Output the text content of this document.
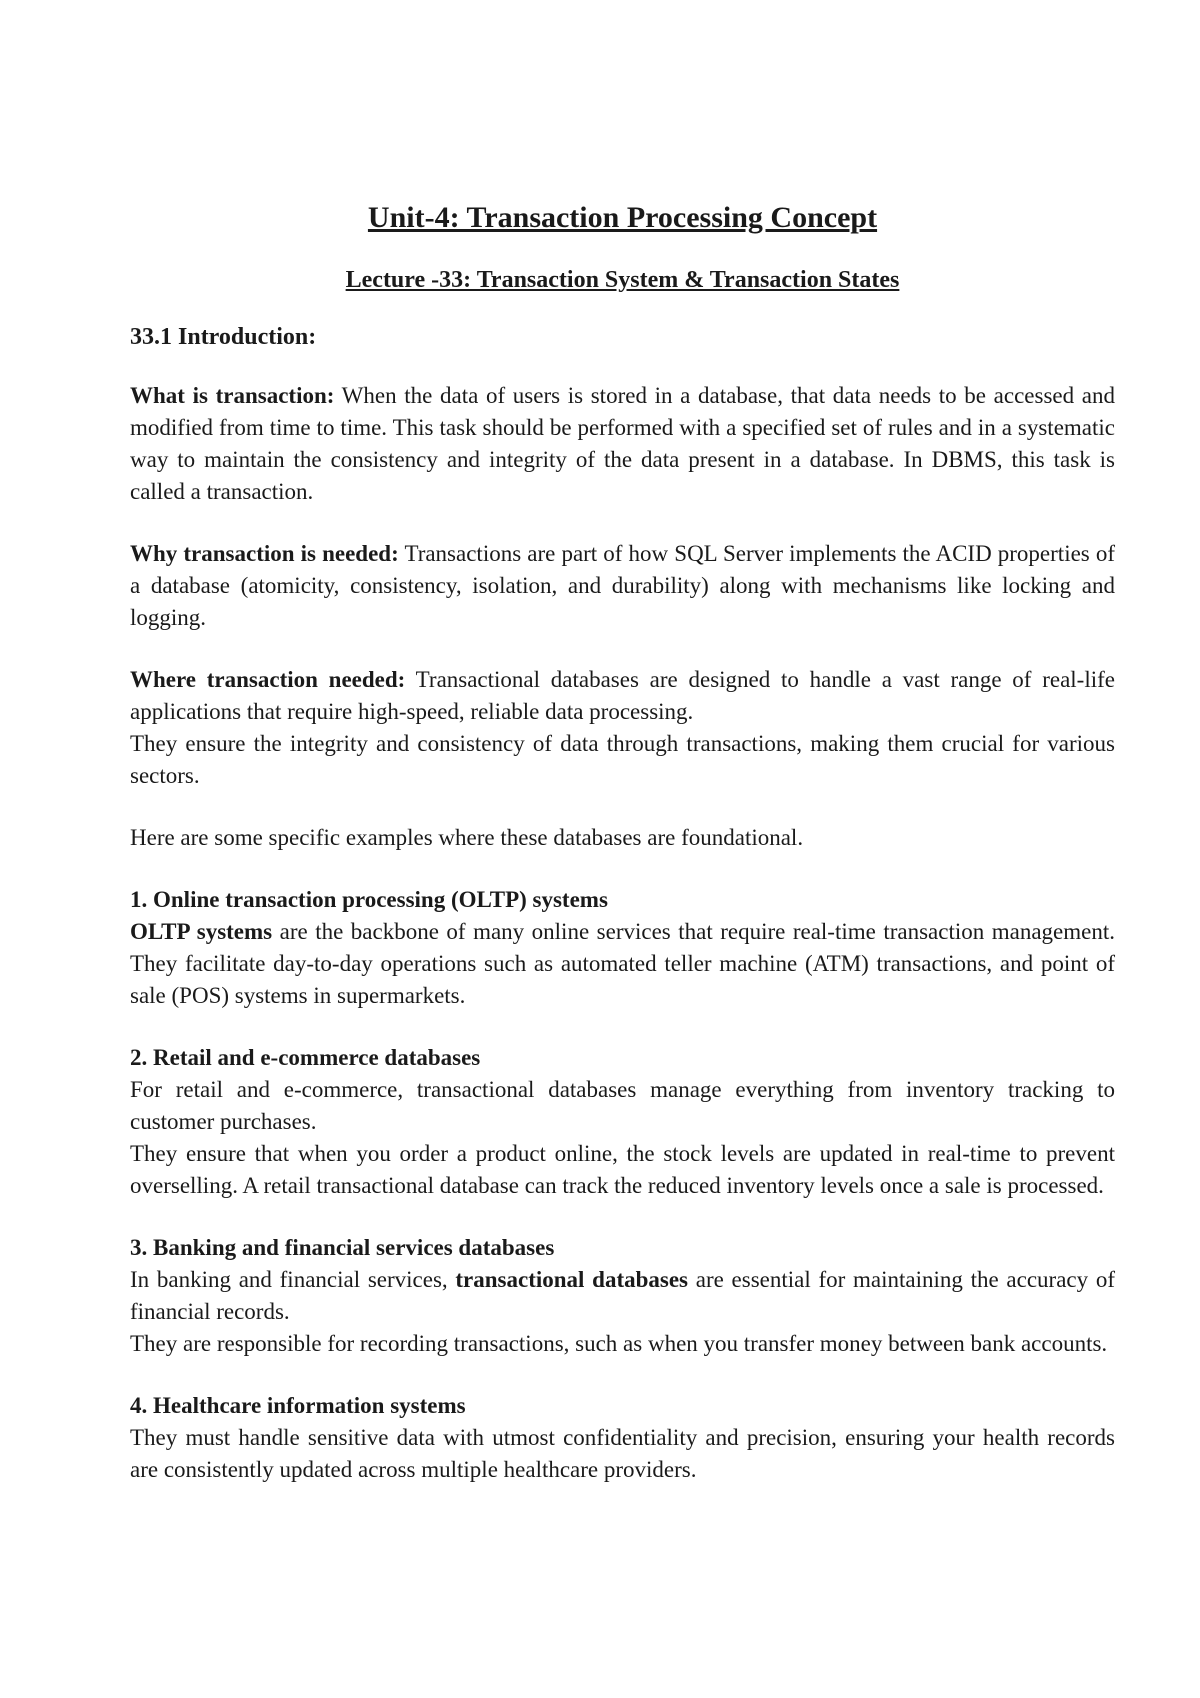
Unit-4: Transaction Processing Concept
Lecture -33: Transaction System & Transaction States
33.1 Introduction:

What is transaction: When the data of users is stored in a database, that data needs to be accessed and modified from time to time. This task should be performed with a specified set of rules and in a systematic way to maintain the consistency and integrity of the data present in a database. In DBMS, this task is called a transaction.

Why transaction is needed: Transactions are part of how SQL Server implements the ACID properties of a database (atomicity, consistency, isolation, and durability) along with mechanisms like locking and logging.

Where transaction needed: Transactional databases are designed to handle a vast range of real-life applications that require high-speed, reliable data processing.

They ensure the integrity and consistency of data through transactions, making them crucial for various sectors.

Here are some specific examples where these databases are foundational.

1. Online transaction processing (OLTP) systems

OLTP systems are the backbone of many online services that require real-time transaction management. They facilitate day-to-day operations such as automated teller machine (ATM) transactions, and point of sale (POS) systems in supermarkets.

2. Retail and e-commerce databases

For retail and e-commerce, transactional databases manage everything from inventory tracking to customer purchases.

They ensure that when you order a product online, the stock levels are updated in real-time to prevent overselling. A retail transactional database can track the reduced inventory levels once a sale is processed.

3. Banking and financial services databases

In banking and financial services, transactional databases are essential for maintaining the accuracy of financial records.

They are responsible for recording transactions, such as when you transfer money between bank accounts.

4. Healthcare information systems

They must handle sensitive data with utmost confidentiality and precision, ensuring your health records are consistently updated across multiple healthcare providers.
